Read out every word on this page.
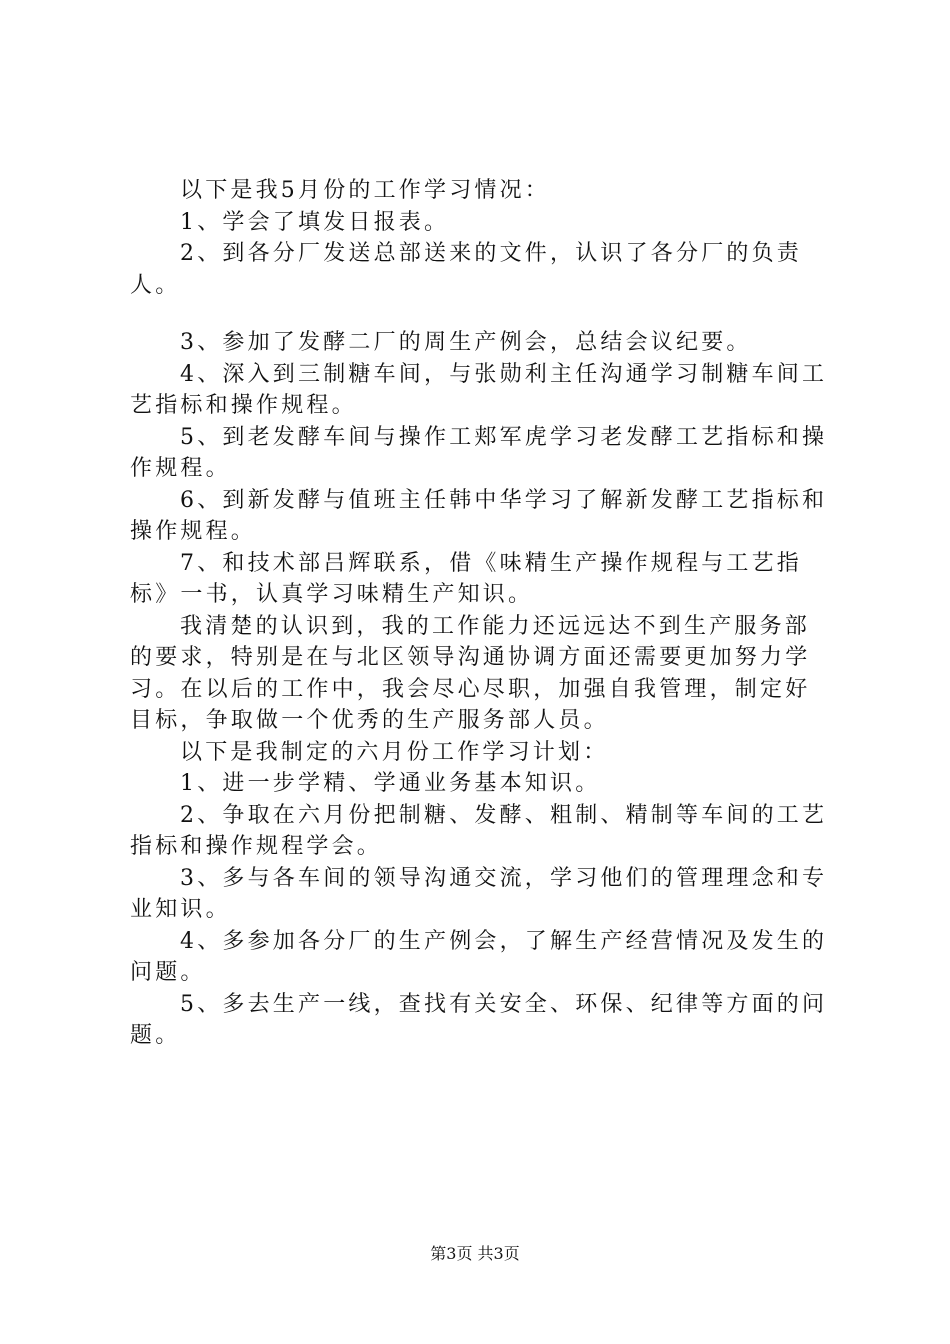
以下是我5月份的工作学习情况：

1、学会了填发日报表。

2、到各分厂发送总部送来的文件，认识了各分厂的负责人。

3、参加了发酵二厂的周生产例会，总结会议纪要。

4、深入到三制糖车间，与张勋利主任沟通学习制糖车间工艺指标和操作规程。

5、到老发酵车间与操作工郏军虎学习老发酵工艺指标和操作规程。

6、到新发酵与值班主任韩中华学习了解新发酵工艺指标和操作规程。

7、和技术部吕辉联系，借《味精生产操作规程与工艺指标》一书，认真学习味精生产知识。

我清楚的认识到，我的工作能力还远远达不到生产服务部的要求，特别是在与北区领导沟通协调方面还需要更加努力学习。在以后的工作中，我会尽心尽职，加强自我管理，制定好目标，争取做一个优秀的生产服务部人员。

以下是我制定的六月份工作学习计划：

1、进一步学精、学通业务基本知识。

2、争取在六月份把制糖、发酵、粗制、精制等车间的工艺指标和操作规程学会。

3、多与各车间的领导沟通交流，学习他们的管理理念和专业知识。

4、多参加各分厂的生产例会，了解生产经营情况及发生的问题。

5、多去生产一线，查找有关安全、环保、纪律等方面的问题。

第3页 共3页
